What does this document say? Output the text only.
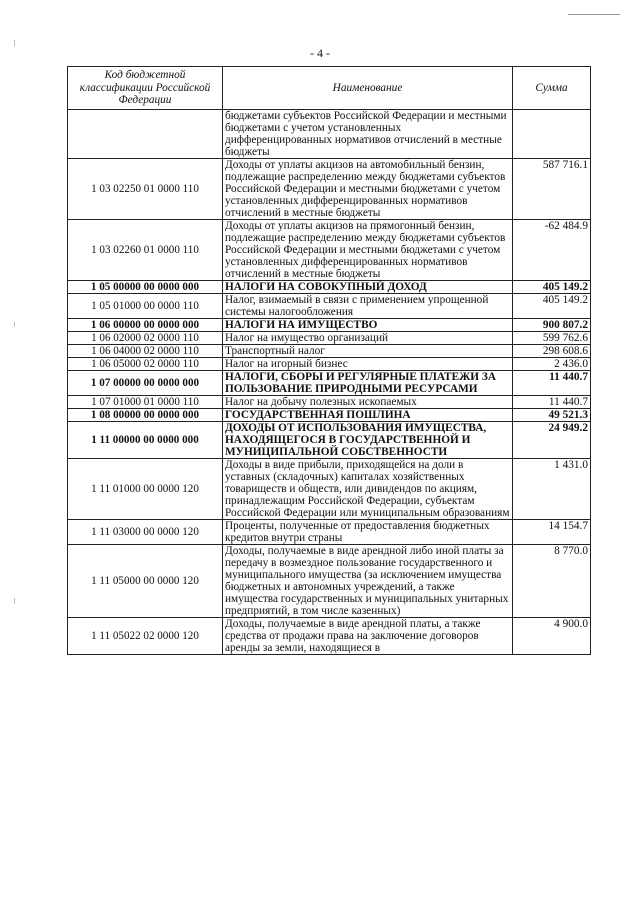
- 4 -
Код бюджетной классификации Российской Федерации	Наименование	Сумма
	бюджетами субъектов Российской Федерации и местными бюджетами с учетом установленных дифференцированных нормативов отчислений в местные бюджеты	
1 03 02250 01 0000 110	Доходы от уплаты акцизов на автомобильный бензин, подлежащие распределению между бюджетами субъектов Российской Федерации и местными бюджетами с учетом установленных дифференцированных нормативов отчислений в местные бюджеты	587 716.1
1 03 02260 01 0000 110	Доходы от уплаты акцизов на прямогонный бензин, подлежащие распределению между бюджетами субъектов Российской Федерации и местными бюджетами с учетом установленных дифференцированных нормативов отчислений в местные бюджеты	-62 484.9
1 05 00000 00 0000 000	НАЛОГИ НА СОВОКУПНЫЙ ДОХОД	405 149.2
1 05 01000 00 0000 110	Налог, взимаемый в связи с применением упрощенной системы налогообложения	405 149.2
1 06 00000 00 0000 000	НАЛОГИ НА ИМУЩЕСТВО	900 807.2
1 06 02000 02 0000 110	Налог на имущество организаций	599 762.6
1 06 04000 02 0000 110	Транспортный налог	298 608.6
1 06 05000 02 0000 110	Налог на игорный бизнес	2 436.0
1 07 00000 00 0000 000	НАЛОГИ, СБОРЫ И РЕГУЛЯРНЫЕ ПЛАТЕЖИ ЗА ПОЛЬЗОВАНИЕ ПРИРОДНЫМИ РЕСУРСАМИ	11 440.7
1 07 01000 01 0000 110	Налог на добычу полезных ископаемых	11 440.7
1 08 00000 00 0000 000	ГОСУДАРСТВЕННАЯ ПОШЛИНА	49 521.3
1 11 00000 00 0000 000	ДОХОДЫ ОТ ИСПОЛЬЗОВАНИЯ ИМУЩЕСТВА, НАХОДЯЩЕГОСЯ В ГОСУДАРСТВЕННОЙ И МУНИЦИПАЛЬНОЙ СОБСТВЕННОСТИ	24 949.2
1 11 01000 00 0000 120	Доходы в виде прибыли, приходящейся на доли в уставных (складочных) капиталах хозяйственных товариществ и обществ, или дивидендов по акциям, принадлежащим Российской Федерации, субъектам Российской Федерации или муниципальным образованиям	1 431.0
1 11 03000 00 0000 120	Проценты, полученные от предоставления бюджетных кредитов внутри страны	14 154.7
1 11 05000 00 0000 120	Доходы, получаемые в виде арендной либо иной платы за передачу в возмездное пользование государственного и муниципального имущества (за исключением имущества бюджетных и автономных учреждений, а также имущества государственных и муниципальных унитарных предприятий, в том числе казенных)	8 770.0
1 11 05022 02 0000 120	Доходы, получаемые в виде арендной платы, а также средства от продажи права на заключение договоров аренды за земли, находящиеся в	4 900.0
